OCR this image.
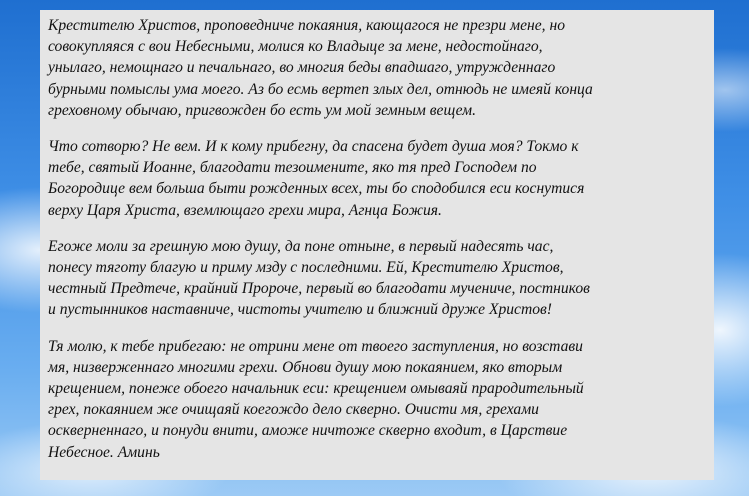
Крестителю Христов, проповедниче покаяния, кающагося не презри мене, но
совокупляяся с вои Небесными, молися ко Владыце за мене, недостойнаго,
унылаго, немощнаго и печальнаго, во многия беды впадшаго, утружденнаго
бурными помыслы ума моего. Аз бо есмь вертеп злых дел, отнюдь не имеяй конца
греховному обычаю, пригвожден бо есть ум мой земным вещем.

Что сотворю? Не вем. И к кому прибегну, да спасена будет душа моя? Токмо к
тебе, святый Иоанне, благодати тезоимените, яко тя пред Господем по
Богородице вем больша быти рожденных всех, ты бо сподобился еси коснутися
верху Царя Христа, вземлющаго грехи мира, Агнца Божия.

Егоже моли за грешную мою душу, да поне отныне, в первый надесять час,
понесу тяготу благую и приму мзду с последними. Ей, Крестителю Христов,
честный Предтече, крайний Пророче, первый во благодати мучениче, постников
и пустынников наставниче, чистоты учителю и ближний друже Христов!

Тя молю, к тебе прибегаю: не отрини мене от твоего заступления, но возстави
мя, низверженнаго многими грехи. Обнови душу мою покаянием, яко вторым
крещением, понеже обоего начальник еси: крещением омываяй прародительный
грех, покаянием же очищаяй коегождо дело скверно. Очисти мя, грехами
оскверненнаго, и понуди внити, аможе ничтоже скверно входит, в Царствие
Небесное. Аминь
